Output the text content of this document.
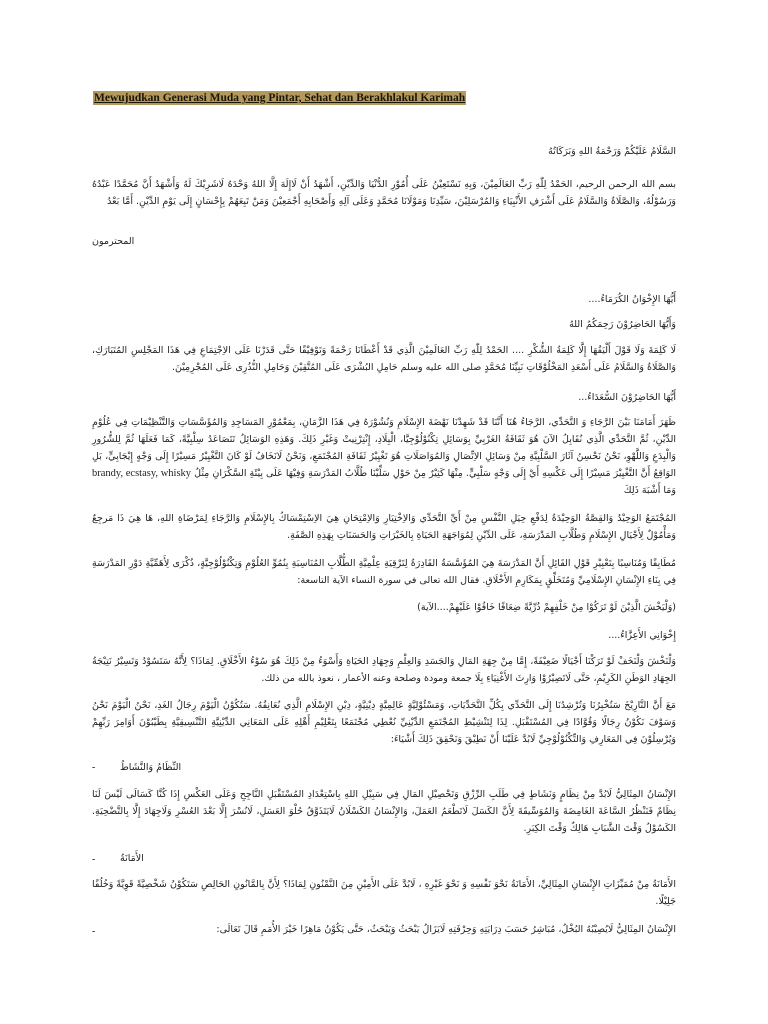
Mewujudkan Generasi Muda yang Pintar, Sehat dan Berakhlakul Karimah
السَّلَامُ عَلَيْكُمْ وَرَحْمَةُ اللهِ وَبَرَكَاتُهُ
بسم الله الرحمن الرحيم، الحَمْدُ لِلّٰهِ رَبِّ العَالَمِيْنَ، وَبِهِ نَسْتَعِيْنُ عَلَى أُمُوْرِ الدُّنْيَا وَالدِّيْنِ، أَشْهَدُ أَنْ لَاإِلَهَ إِلَّا اللهُ وَحْدَهُ لَاشَرِيْكَ لَهُ وَأَشْهَدُ أَنَّ مُحَمَّدًا عَبْدُهُ وَرَسُوْلُهُ، وَالصَّلَاةُ وَالسَّلَامُ عَلَى أَشْرَفِ الأَنْبِيَاءِ وَالمُرْسَلِيْنَ، سَيِّدِنَا وَمَوْلَانَا مُحَمَّدٍ وَعَلَى آلِهِ وَأَصْحَابِهِ أَجْمَعِيْنَ وَمَنْ تَبِعَهُمْ بِإِحْسَانٍ إِلَى يَوْمِ الدِّيْنِ. أَمَّا بَعْدُ
المحترمون
أَيُّهَا الإِخْوَانُ الكُرَمَاءُ....
وَأَيُّهَا الحَاضِرُوْنَ رَحِمَكُمُ اللهُ
لَا كَلِمَةَ وَلَا قَوْلَ أَلْيَقُهَا إِلَّا كَلِمَةُ الشُّكْرِ .... الحَمْدُ لِلّٰهِ رَبِّ العَالَمِيْنَ الَّذِي قَدْ أَعْطَانَا رَحْمَةً وَتَوْفِيْقًا حَتَّى قَدَرْنَا عَلَى الاِجْتِمَاعِ فِي هَذَا المَجْلِسِ المُتَبَارَكِ، وَالصَّلَاةُ وَالسَّلَامُ عَلَى أَسْعَدِ المَخْلُوْقَاتِ نَبِيِّنَا مُحَمَّدٍ صلى الله عليه وسلم حَامِلِ البُشْرَى عَلَى المُتَّقِيْنَ وَحَامِلِ النُّذُرِى عَلَى المُجْرِمِيْنَ.
أَيُّهَا الحَاضِرُوْنَ السُّعَدَاءُ...
ظَهَرَ أَمَامَنَا بَيْنَ الرَّجَاءِ وَ التَّحَدِّي، الرَّجَاءُ هُنَا أَنَّنَا قَدْ شَهِدْنَا نَهْضَةَ الإِسْلَامِ وَنُشُوْرَهُ فِي هَذَا الزَّمَانِ، بِمَعْمُوْرِ المَسَاجِدِ وَالمُؤَسَّسَاتِ وَالتَّنْظِيْمَاتِ فِي عُلُوْمِ الدِّيْنِ، ثُمَّ التَّحَدِّي الَّذِي نُقَابِلُ الآنَ هُوَ ثَقَافَةُ الغَرْبِيِّ بِوَسَائِلِ تِكْنُوْلُوْجِيَّا، الْبِلَادِ، إِنْتِرْنِيتْ وَغَيْرِ ذَلِكَ. وَهَذِهِ الوَسَائِلُ تَتَصَاعَدُ سِلْبِيَّةً، كَمَا فَعَلَهَا ثُمَّ لِلشُّرُورِ وَالْبِدَعِ وَاللَّهْوِ، نَحْنُ نَحْسِنُ آثَارَ السَّلْبِيَّةِ مِنْ وَسَائِلِ الاِتِّصَالِ وَالمُوَاصَلَاتِ هُوَ تَغْيِيْرُ ثَقَافَةِ المُجْتَمَعِ، وَنَحْنُ لَانَخَافُ لَوْ كَانَ التَّغْيِيْرُ مَسِيْرًا إِلَى وَجْهٍ إِيْجَابِيٍّ، بَلِ الوَاقِعُ أَنَّ التَّغْيِيْرَ مَسِيْرًا إِلَى عَكْسِهِ أَيْ إِلَى وَجْهٍ سَلْبِيٍّ. مِنْهَا كَثِيْرٌ مِنْ حَوْلِ سَلِّيْنَا طُلَّابُ المَدْرَسَةِ وَفِيْهَا عَلَى بِيْئَةِ السَّكْرَانِ مِثْلُ brandy, ecstasy, whisky وَمَا أَشْبَهَ ذَلِكَ
المُجْتَمَعُ الوَحِيْدُ وَالقِصَّةُ الوَحِيْدَةُ لِدَفْعِ حِيَلِ النَّفْسِ مِنْ أَيِّ التَّحَدِّي وَالاِخْتِيَارِ وَالاِمْتِحَانِ هِيَ الاِسْتِمْسَاكُ بِالإِسْلَامِ وَالرَّجَاءِ لِمَرْضَاةِ اللهِ، هَا هِيَ ذَا مَرجِعٌ وَمَأْمُوْلٌ لِأَجْيَالِ الإِسْلَامِ وَطُلَّابِ المَدْرَسَةِ، عَلَى الدِّيْنِ لِمُوَاجَهَةِ الحَيَاةِ بِالخَيْرَاتِ وَالحَسَنَاتِ بِهَذِهِ الصَّفَةِ.
مُطَابِقًا وَمُنَاسِبًا بِتَعْبِيْرِ قَوْلِ القَائِلِ أَنَّ المَدْرَسَةَ هِيَ المُؤَسَّسَةُ القَادِرَةُ لِتَرْقِيَةِ عِلْمِيَّةِ الطُّلَّابِ المُنَاسِبَةِ بِنُمُوِّ العُلُوْمِ وَتِكْنُوْلُوْجِيَّةٍ، ذُكْرَى لِأَهَمِّيَّةِ دَوْرِ المَدْرَسَةِ فِي بِنَاءِ الإِنْسَانِ الإِسْلَامِيِّ وَمُتَخَلِّقٍ بِمَكَارِمِ الأَخْلَاقِ. فقال الله تعالى في سورة النساء الآية التاسعة:
(وَلْيَخْشَ الَّذِيْنَ لَوْ تَرَكُوْا مِنْ خَلْفِهِمْ ذُرِّيَّةً ضِعَافًا خَافُوْا عَلَيْهِمْ....الآية)
إِخْوَانِي الأَعِزَّاءُ....
وَلْنَخْشَ وَلْنَخَفْ لَوْ تَرَكْنَا أَجْيَالًا ضَعِيْفَةً، إِمَّا مِنْ جِهَةِ المَالِ وَالجَسَدِ وَالعِلْمِ وَجِهَادِ الحَيَاةِ وَأَسْوَءُ مِنْ ذَلِكَ هُوَ سُوْءُ الأَخْلَاقِ. لِمَاذَا؟ لِأَنَّهُ سَتَسُوْدُ وَتَسِيْرُ نَتِيْجَةُ الجِهَادِ الوَطَنِ الكَرِيْمِ، حَتَّى لَاتَصِيْرُوْا وَارِثَ الأَغْنِيَاءِ بِلَا جمعة ومودة وصلحة وعنه الأعمار ، نعوذ بالله من ذلك.
مَعَ أَنَّ التَّارِيْخَ سَتُخْبِرُنَا وَتُرْشِدُنَا إِلَى التَّحَدِّي بِكُلِّ التَّحَدِّيَاتِ، وَمَسْئُوْلِيَّةٍ عَالِمِيَّةٍ دِيْنِيَّةٍ، دِيْنِ الإِسْلَامِ الَّذِي نُعَانِقُهُ. سَتُكُوْنُ الْيَوْمَ رِجَالُ الغَدِ، نَحْنُ الْيَوْمَ نَحْنُ وَسَوْفَ نَكُوْنُ رِجَالًا وَقُوَّادًا فِي المُسْتَقْبَلِ. لِذَا لِتَنْشِيْطِ المُجْتَمَعِ الدِّيْنِيِّ نُعْطِي مُجْتَمَعًا بِتَعْلِيْمِ أَهْلِهِ عَلَى المَعَانِي الدِّيْنِيَّةِ التَّنْسِيقِيَّةِ بِطَيْبُوْنَ أَوَامِرَ رَبِّهِمْ وَيُرْسِلُوْنَ فِي المَعَارِفِ وَالتِّكْنُوْلُوْجِيِّ لَابُدَّ عَلَيْنَا أَنْ نَطِيْقَ وَنَحْقِقَ ذَلِكَ أَشْيَاءَ:
-	النِّظَامُ وَالنَّشَاطُ
الإِنْسَانُ المِثَالِيُّ لَابُدَّ مِنْ نِظَامٍ وَنَشَاطٍ فِي طَلَبِ الرِّزْقِ وَتَحْصِيْلِ المَالِ فِي سَبِيْلِ اللهِ بِاسْتِعْدَادِ المُسْتَقْبَلِ النَّاجِحِ وَعَلَى العَكْسِ إِذَا كُنَّا كَسَالَى لَيْسَ لَنَا نِظَامٌ فَنَنْظُرُ السَّاعَةَ الغَامِضَةَ وَالمُوَسِّيقَةَ لِأَنَّ الكَسَلَ لَاتَطْعَمُ العَمَلَ، وَالإِنْسَانُ الكَسْلَانُ لَايَتَذَوَّقُ حُلْوَ العَسَلِ، لَانُسْرَ إِلَّا بَعْدَ العُسْرِ وَلَاجِهَادَ إِلَّا بِالتَّضْحِيَةِ. الكَسُوْلُ وَقْتَ الشَّبَابِ هَالِكٌ وَقْتَ الكِبَرِ.
-	الأَمَانَةُ
الأَمَانَةُ مِنْ مُمَيِّزَاتِ الإِنْسَانِ المِثَالِيِّ، الأَمَانَةُ نَحْوَ نَفْسِهِ وَ نَحْوَ غَيْرِهِ ، لَابُدَّ عَلَى الأَمِيْنِ مِنَ النَّمْنُونِ لِمَاذَا؟ لِأَنَّ بِالمَّانُونِ الحَالِصِ سَتَكُوْنُ شَخْصِيَّةً قَوِيَّةً وَخُلُقًا جَلِيْلًا.
-	الإِنْسَانُ المِثَالِيُّ لَايُصِيْبُهُ البُخْلُ، مُبَاشِرُ حَسَبَ دِرَايَتِهِ وَحِرْفَتِهِ لَايَزَالُ يَبْحَثُ وَيَبْحَثُ، حَتَّى يَكُوْنُ مَاهِرًا خَيْرَ الأُمَمِ قَالَ تَعَالَى:
